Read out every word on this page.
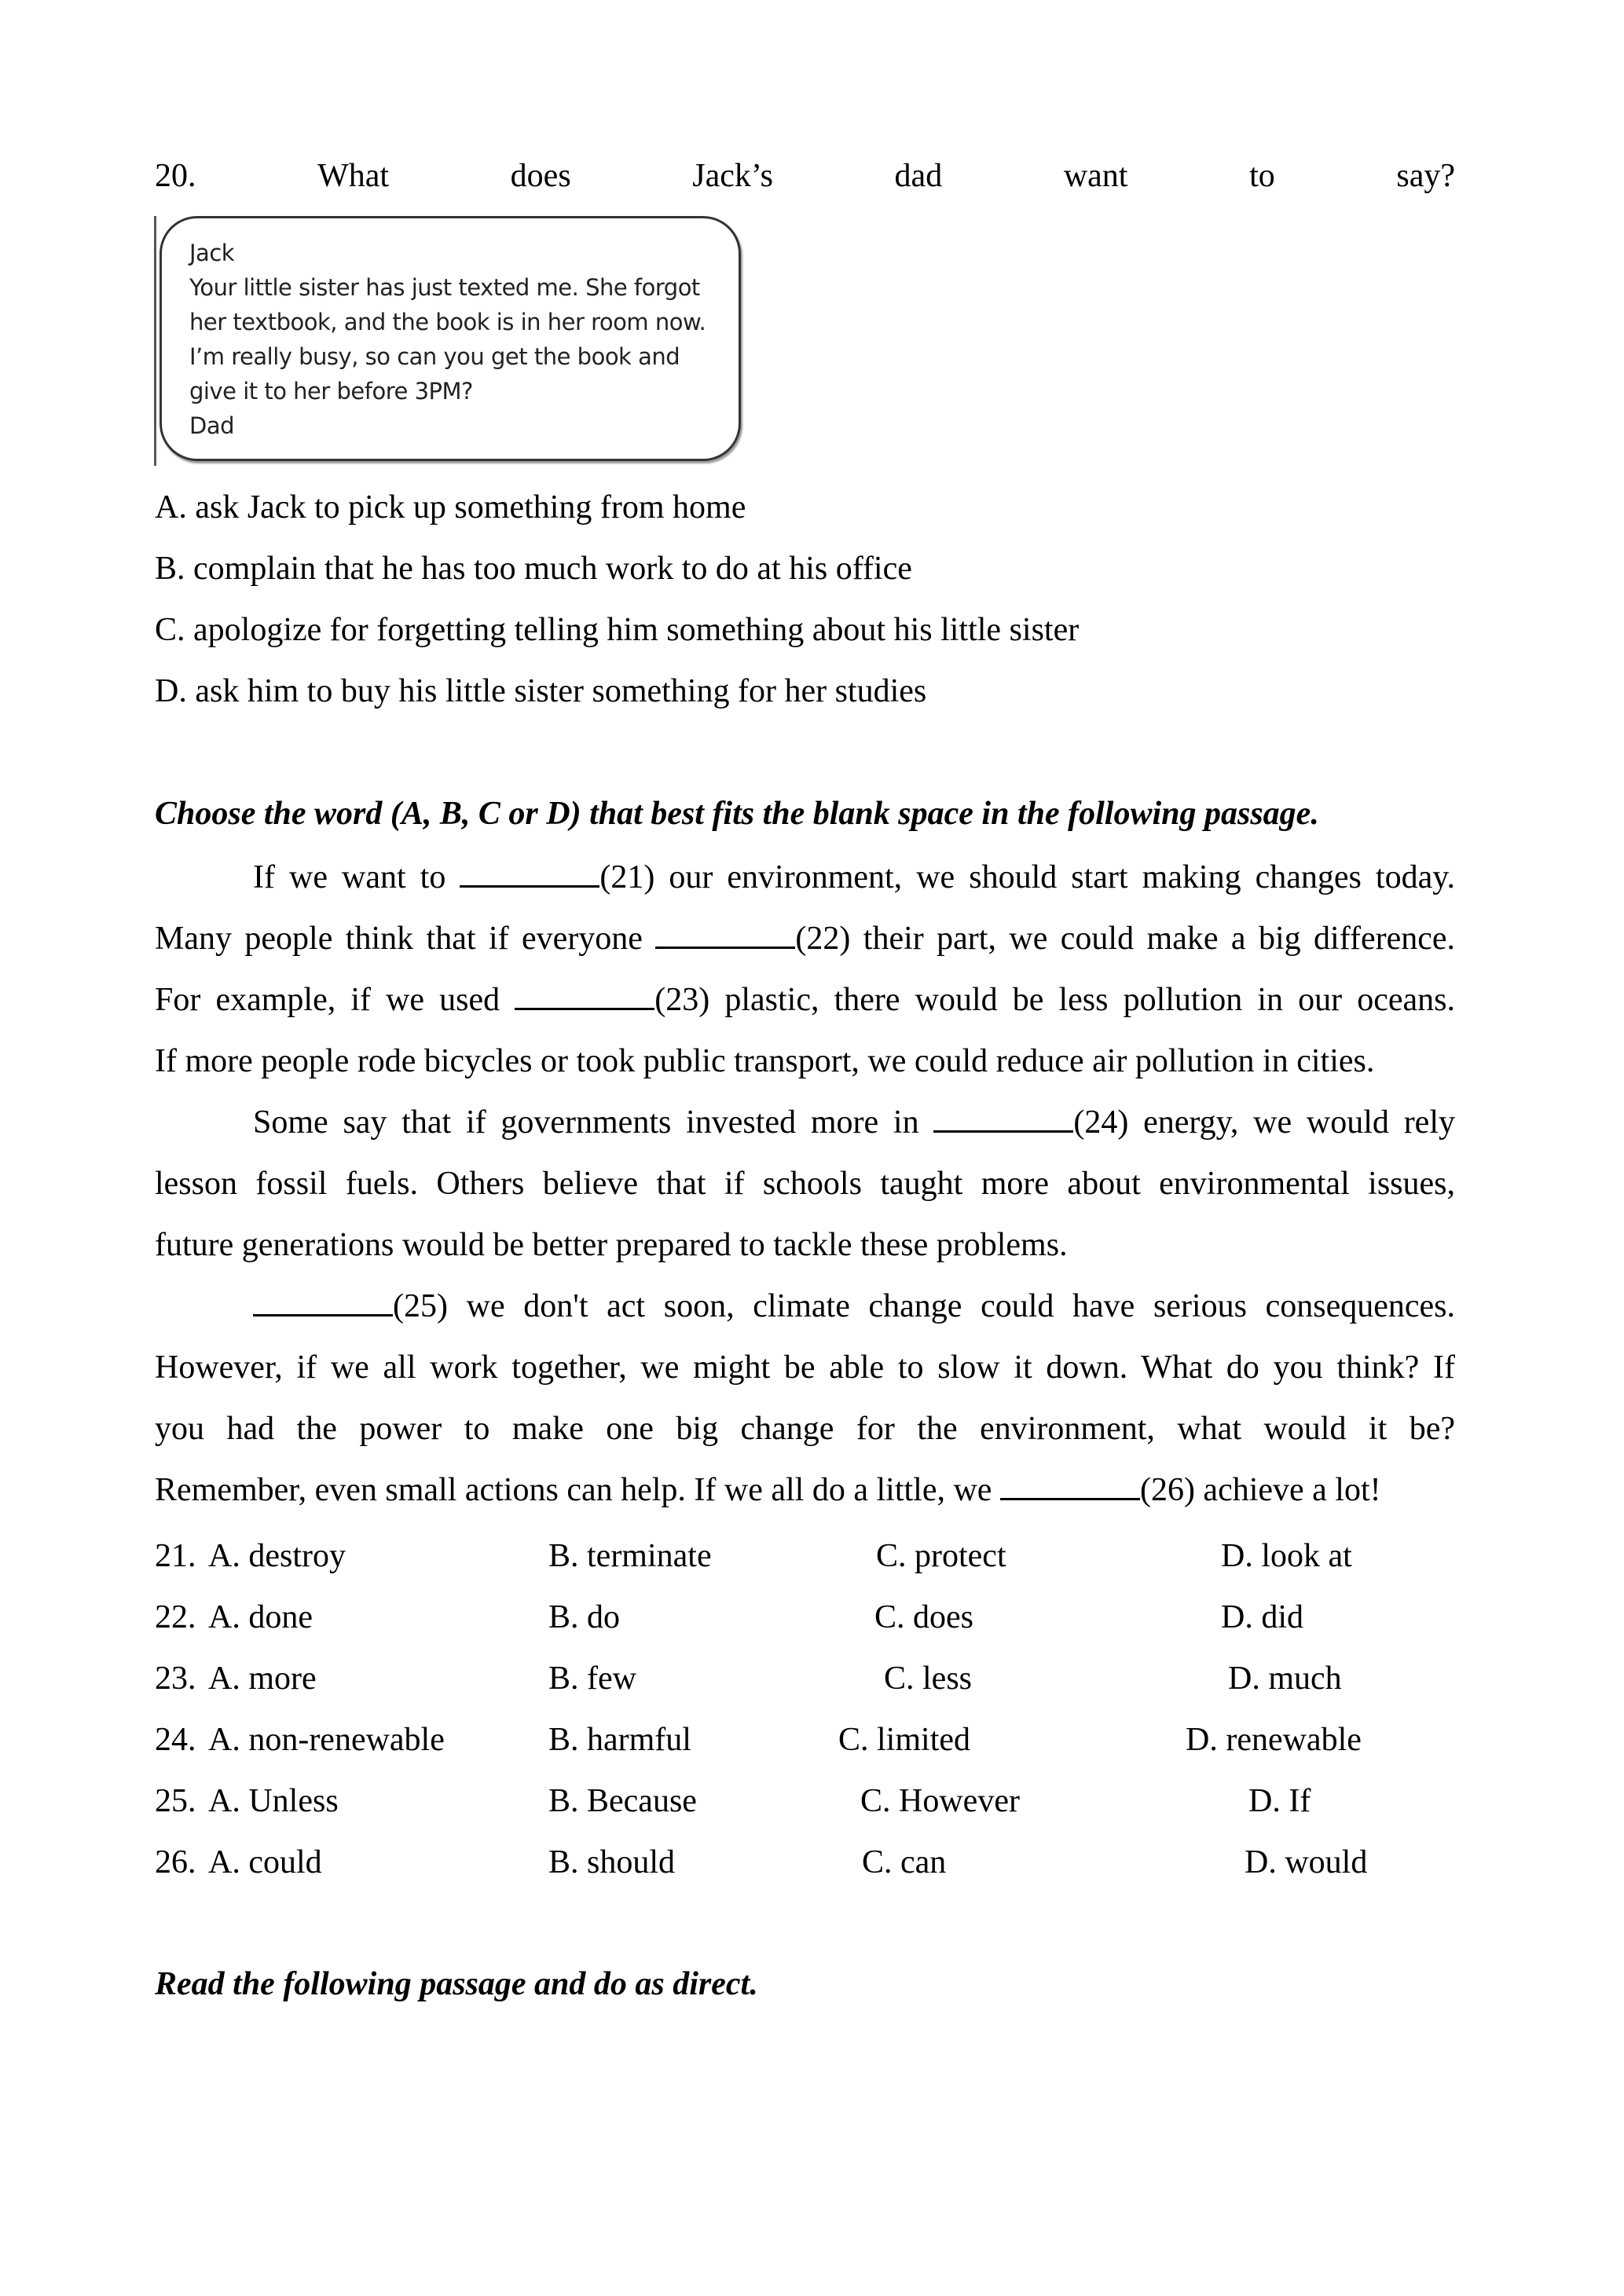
20.	What	does	Jack’s	dad	want	to	say?
Jack
Your little sister has just texted me. She forgot
her textbook, and the book is in her room now.
I’m really busy, so can you get the book and
give it to her before 3PM?
Dad
A. ask Jack to pick up something from home
B. complain that he has too much work to do at his office
C. apologize for forgetting telling him something about his little sister
D. ask him to buy his little sister something for her studies
Choose the word (A, B, C or D) that best fits the blank space in the following passage.
If we want to	(21) our environment, we should start making changes today.
Many people think that if everyone	(22) their part, we could make a big difference.
For example, if we used	(23) plastic, there would be less pollution in our oceans.
If more people rode bicycles or took public transport, we could reduce air pollution in cities.
Some say that if governments invested more in	(24) energy, we would rely
lesson fossil fuels. Others believe that if schools taught more about environmental issues,
future generations would be better prepared to tackle these problems.
(25) we don't act soon, climate change could have serious consequences.
However, if we all work together, we might be able to slow it down. What do you think? If
you had the power to make one big change for the environment, what would it be?
Remember, even small actions can help. If we all do a little, we	(26) achieve a lot!
21. A. destroy	B. terminate	C. protect	D. look at
22. A. done	B. do	C. does	D. did
23. A. more	B. few	C. less	D. much
24. A. non-renewable	B. harmful	C. limited	D. renewable
25. A. Unless	B. Because	C. However	D. If
26. A. could	B. should	C. can	D. would
Read the following passage and do as direct.
